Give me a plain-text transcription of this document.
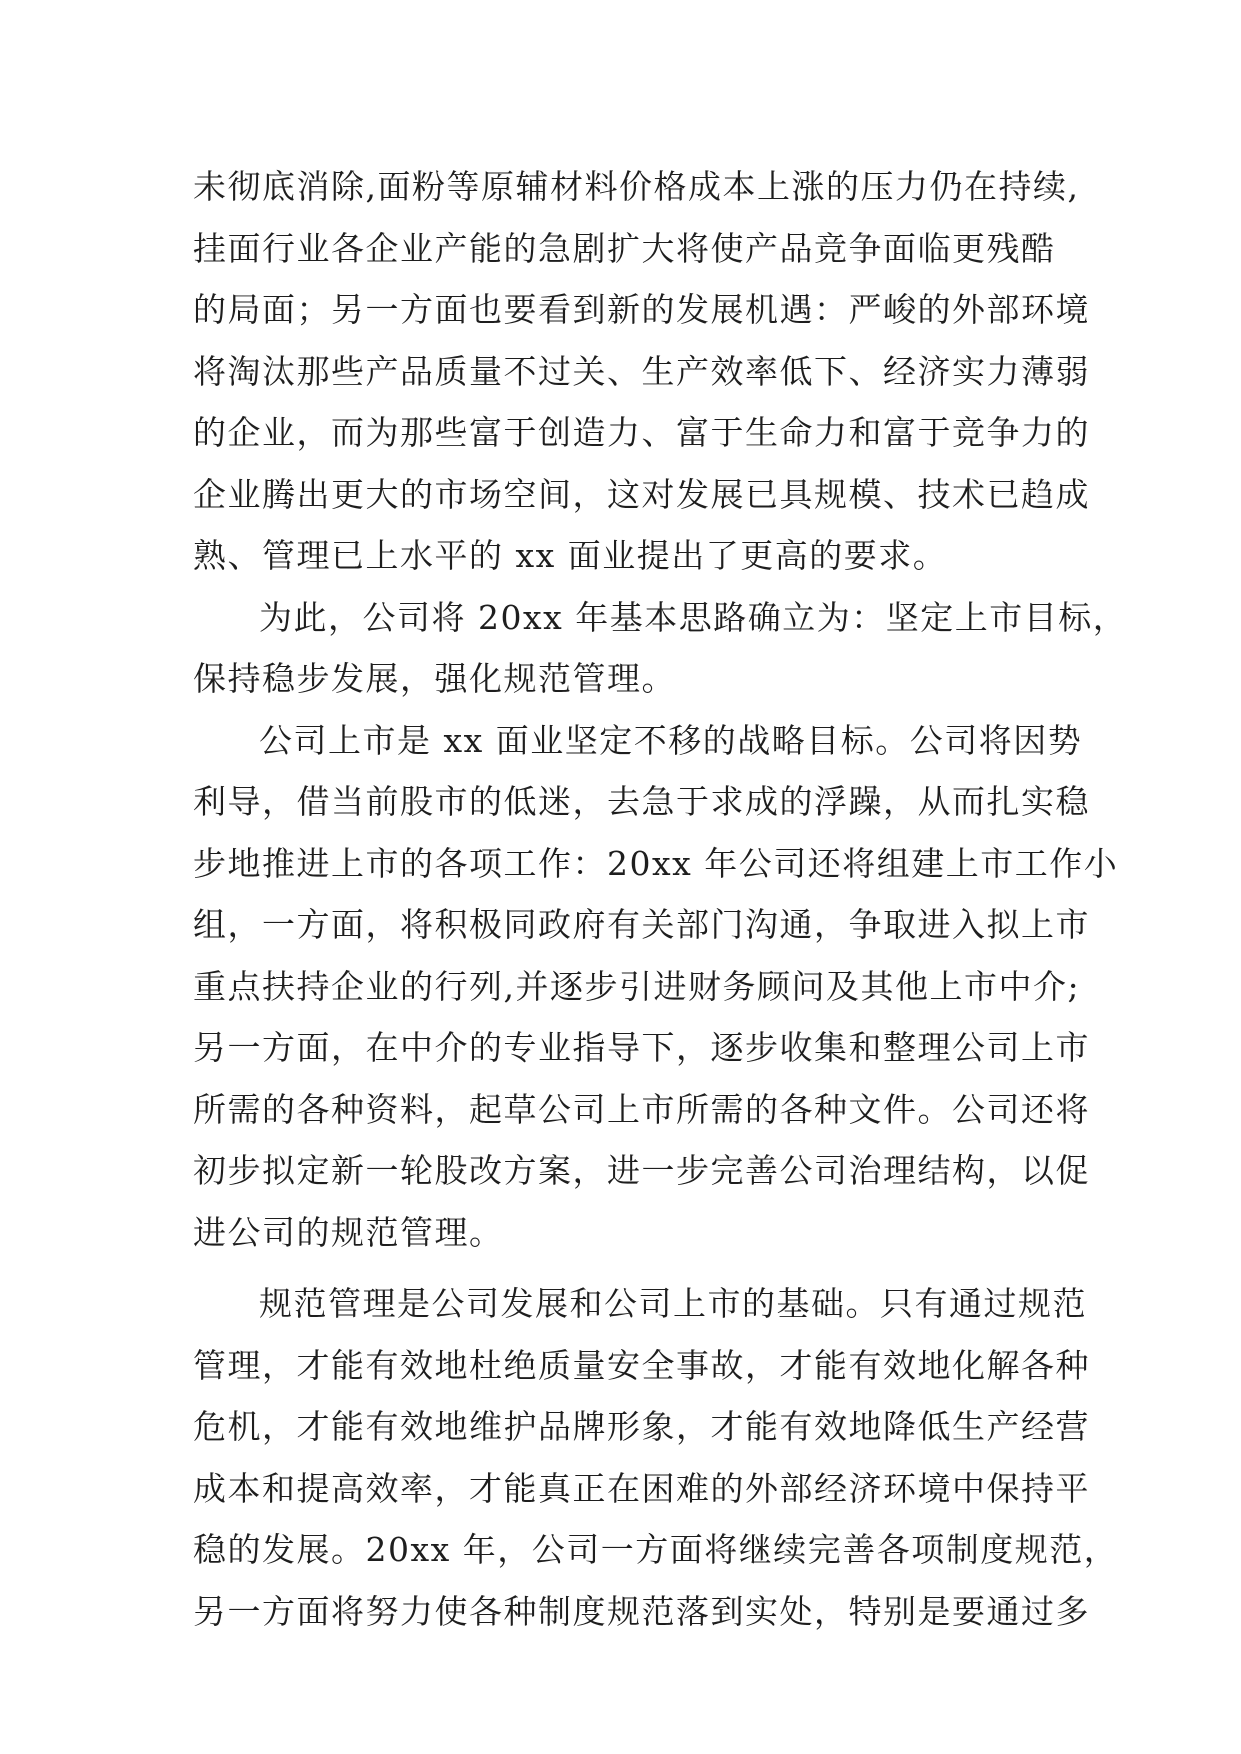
未彻底消除,面粉等原辅材料价格成本上涨的压力仍在持续,
挂面行业各企业产能的急剧扩大将使产品竞争面临更残酷
的局面；另一方面也要看到新的发展机遇：严峻的外部环境
将淘汰那些产品质量不过关、生产效率低下、经济实力薄弱
的企业，而为那些富于创造力、富于生命力和富于竞争力的
企业腾出更大的市场空间，这对发展已具规模、技术已趋成
熟、管理已上水平的 xx 面业提出了更高的要求。
为此，公司将 20xx 年基本思路确立为：坚定上市目标，
保持稳步发展，强化规范管理。
公司上市是 xx 面业坚定不移的战略目标。公司将因势
利导，借当前股市的低迷，去急于求成的浮躁，从而扎实稳
步地推进上市的各项工作：20xx 年公司还将组建上市工作小
组，一方面，将积极同政府有关部门沟通，争取进入拟上市
重点扶持企业的行列,并逐步引进财务顾问及其他上市中介;
另一方面，在中介的专业指导下，逐步收集和整理公司上市
所需的各种资料，起草公司上市所需的各种文件。公司还将
初步拟定新一轮股改方案，进一步完善公司治理结构，以促
进公司的规范管理。
规范管理是公司发展和公司上市的基础。只有通过规范
管理，才能有效地杜绝质量安全事故，才能有效地化解各种
危机，才能有效地维护品牌形象，才能有效地降低生产经营
成本和提高效率，才能真正在困难的外部经济环境中保持平
稳的发展。20xx 年，公司一方面将继续完善各项制度规范，
另一方面将努力使各种制度规范落到实处，特别是要通过多
